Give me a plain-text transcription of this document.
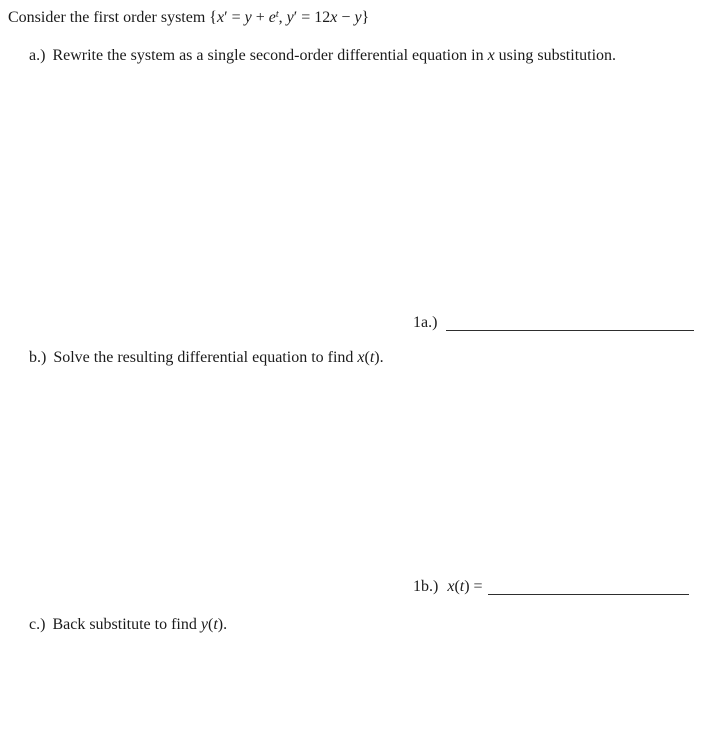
Consider the first order system {$x' = y + e^t$, y′ = 12x − y}
a.) Rewrite the system as a single second-order differential equation in x using substitution.
1a.)
b.) Solve the resulting differential equation to find x(t).
1b.) x(t) =
c.) Back substitute to find y(t).
